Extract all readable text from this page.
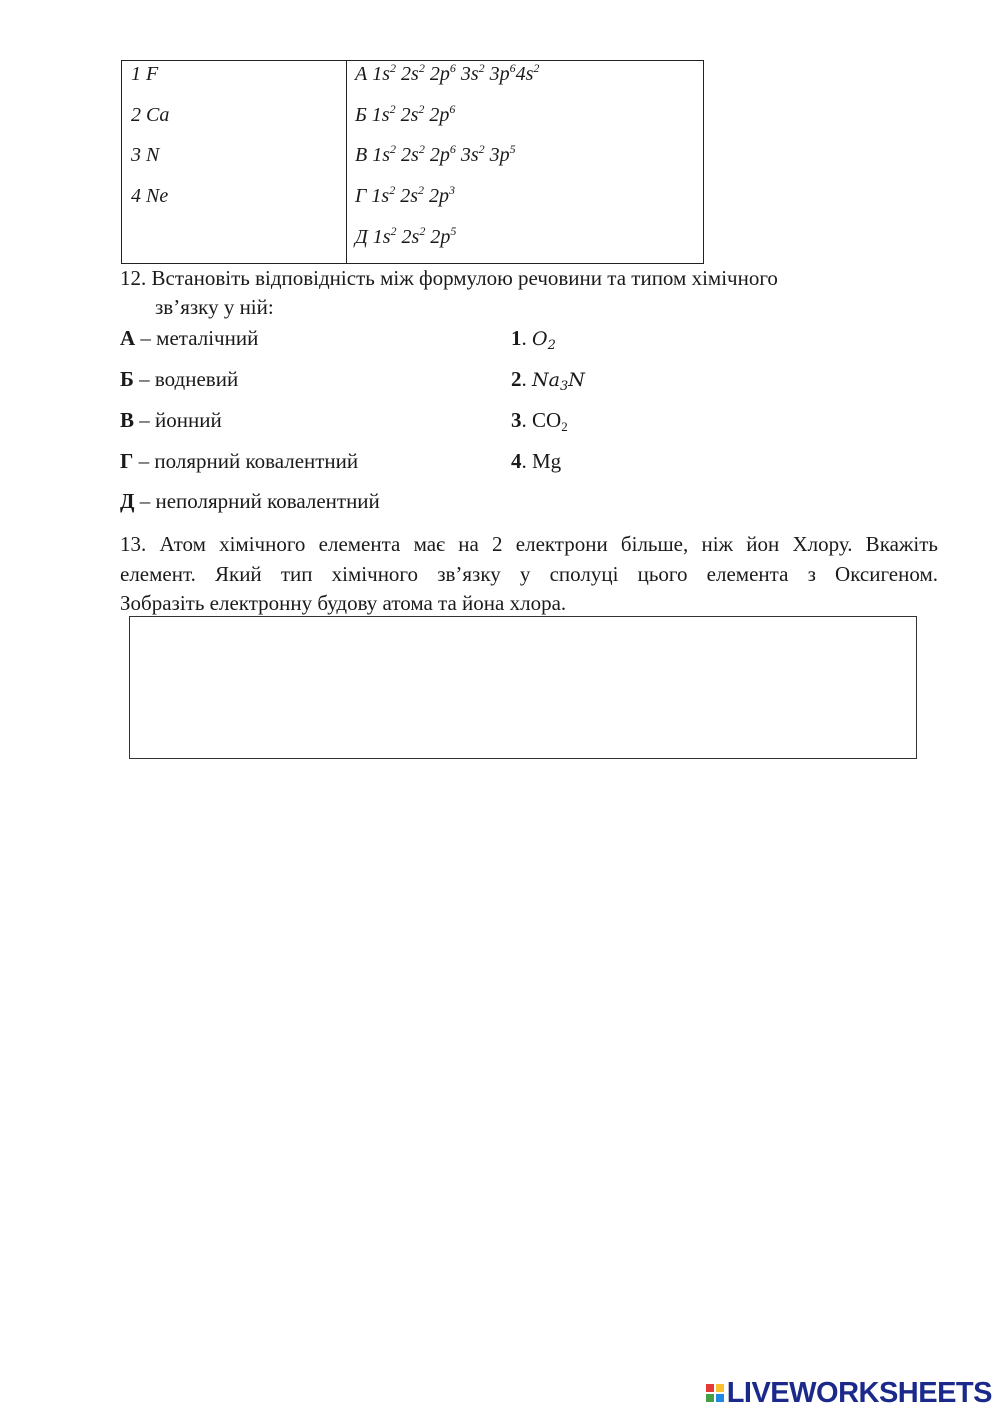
1 F
2 Ca
3 N
4 Ne
А $1s^2$ $2s^2$ $2p^6$ $3s^2$ $3p^64s^2$
Б $1s^2$ $2s^2$ $2p^6$
В $1s^2$ $2s^2$ $2p^6$ $3s^2$ $3p^5$
Г $1s^2$ $2s^2$ $2p^3$
Д $1s^2$ $2s^2$ $2p^5$
12. Встановіть відповідність між формулою речовини та типом хімічного
зв’язку у ній:
А – металічний
Б – водневий
В – йонний
Г – полярний ковалентний
Д – неполярний ковалентний
1. $O_2$
2. $Na_3N$
3. $CO_2$
4. Mg
13. Атом хімічного елемента має на 2 електрони більше, ніж йон Хлору. Вкажіть
елемент. Який тип хімічного зв’язку у сполуці цього елемента з Оксигеном.
Зобразіть електронну будову атома та йона хлора.
LIVEWORKSHEETS
